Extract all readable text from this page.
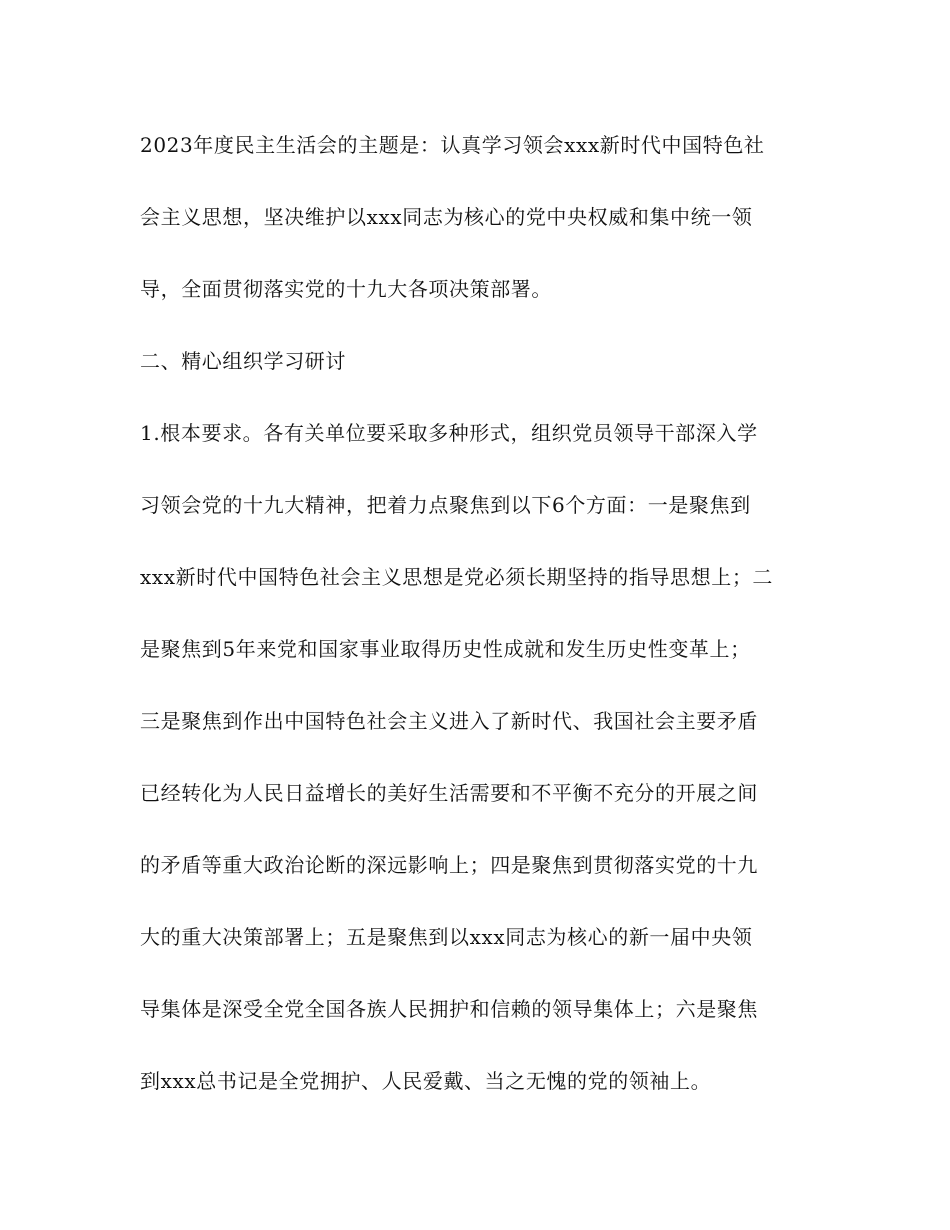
2023年度民主生活会的主题是：认真学习领会xxx新时代中国特色社
会主义思想，坚决维护以xxx同志为核心的党中央权威和集中统一领
导，全面贯彻落实党的十九大各项决策部署。
二、精心组织学习研讨
1.根本要求。各有关单位要采取多种形式，组织党员领导干部深入学
习领会党的十九大精神，把着力点聚焦到以下6个方面：一是聚焦到
xxx新时代中国特色社会主义思想是党必须长期坚持的指导思想上；二
是聚焦到5年来党和国家事业取得历史性成就和发生历史性变革上；
三是聚焦到作出中国特色社会主义进入了新时代、我国社会主要矛盾
已经转化为人民日益增长的美好生活需要和不平衡不充分的开展之间
的矛盾等重大政治论断的深远影响上；四是聚焦到贯彻落实党的十九
大的重大决策部署上；五是聚焦到以xxx同志为核心的新一届中央领
导集体是深受全党全国各族人民拥护和信赖的领导集体上；六是聚焦
到xxx总书记是全党拥护、人民爱戴、当之无愧的党的领袖上。
